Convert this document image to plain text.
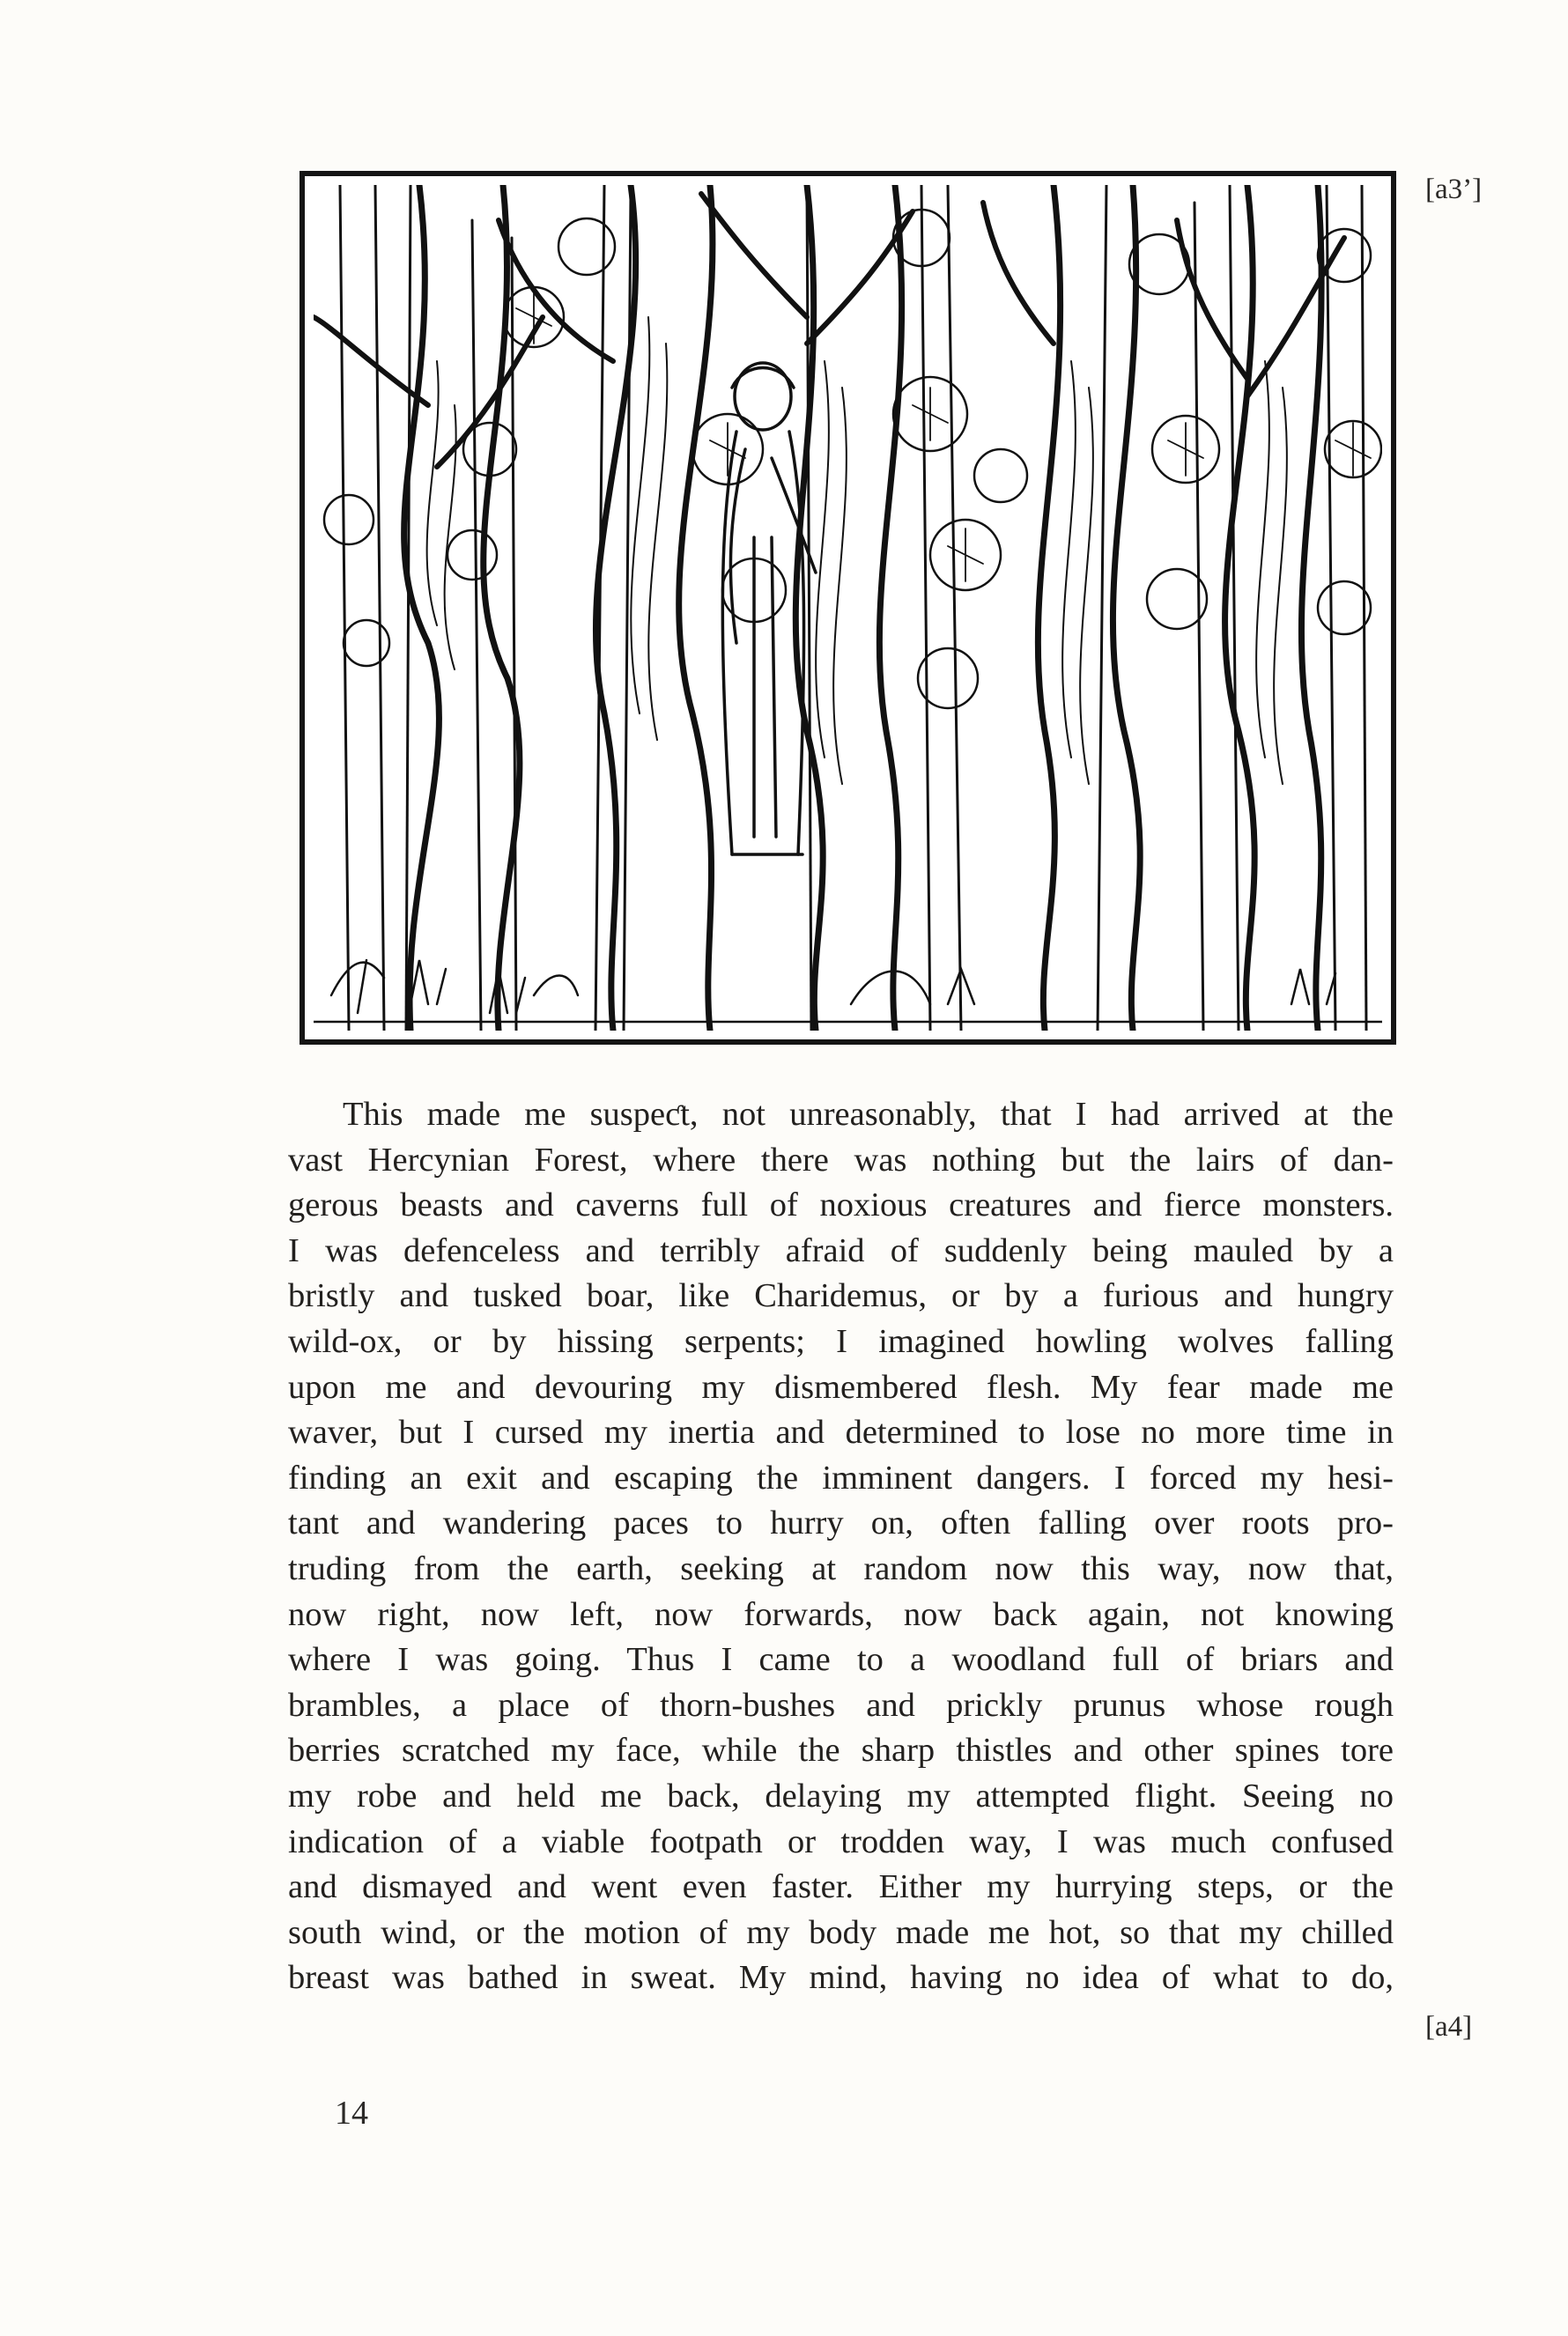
[a3’]
This made me suspeƈt, not unreasonably, that I had arrived at the
vast Hercynian Forest, where there was nothing but the lairs of dan‑
gerous beasts and caverns full of noxious creatures and fierce monsters.
I was defenceless and terribly afraid of suddenly being mauled by a
bristly and tusked boar, like Charidemus, or by a furious and hungry
wild‑ox, or by hissing serpents; I imagined howling wolves falling
upon me and devouring my dismembered flesh. My fear made me
waver, but I cursed my inertia and determined to lose no more time in
finding an exit and escaping the imminent dangers. I forced my hesi‑
tant and wandering paces to hurry on, often falling over roots pro‑
truding from the earth, seeking at random now this way, now that,
now right, now left, now forwards, now back again, not knowing
where I was going. Thus I came to a woodland full of briars and
brambles, a place of thorn‑bushes and prickly prunus whose rough
berries scratched my face, while the sharp thistles and other spines tore
my robe and held me back, delaying my attempted flight. Seeing no
indication of a viable footpath or trodden way, I was much confused
and dismayed and went even faster. Either my hurrying steps, or the
south wind, or the motion of my body made me hot, so that my chilled
breast was bathed in sweat. My mind, having no idea of what to do,
[a4]
14
